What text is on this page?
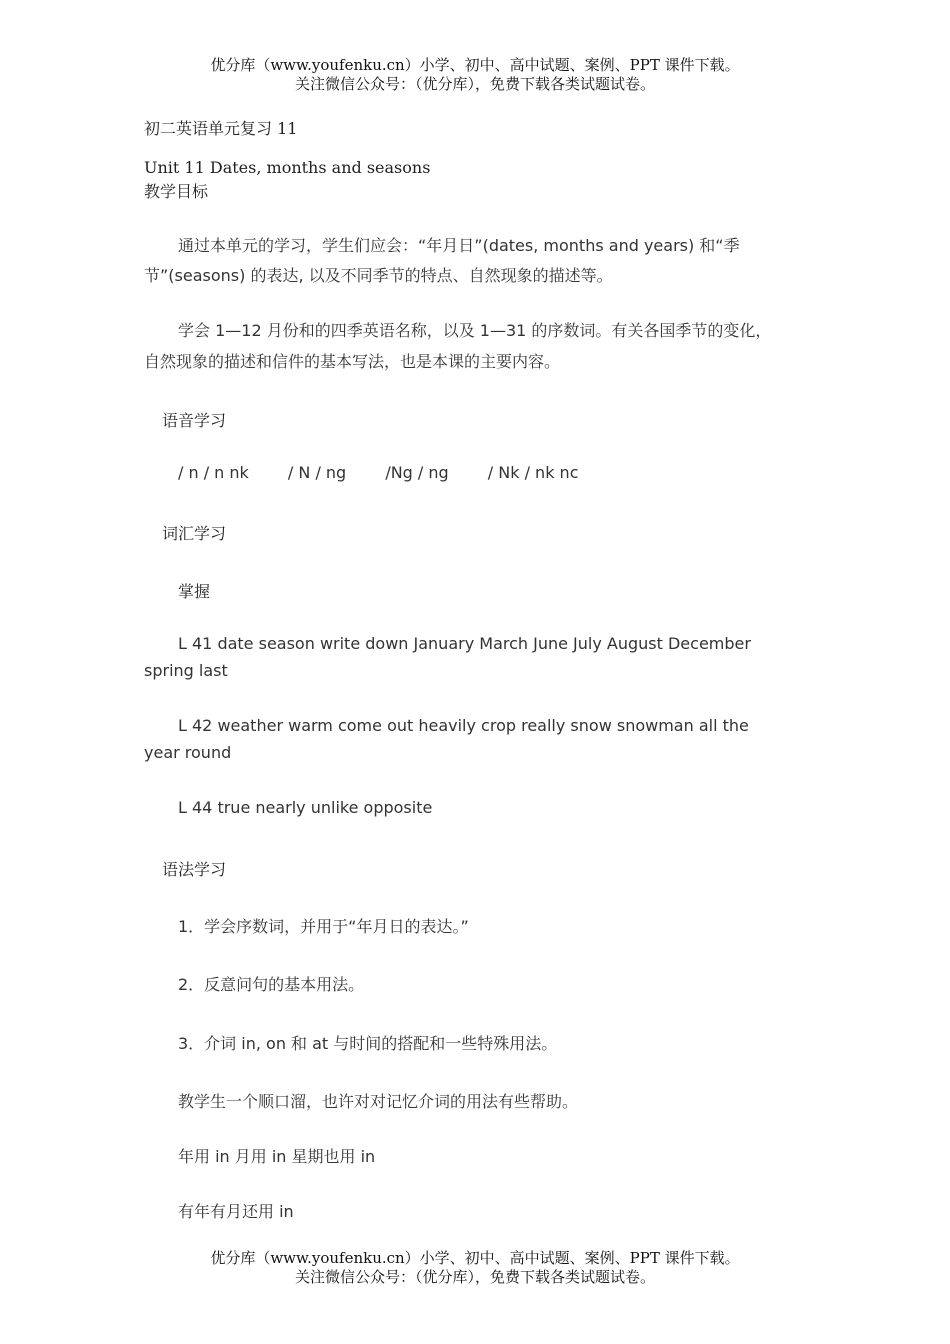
优分库（www.youfenku.cn）小学、初中、高中试题、案例、PPT 课件下载。
关注微信公众号：（优分库），免费下载各类试题试卷。
初二英语单元复习 11
Unit 11 Dates, months and seasons
教学目标
通过本单元的学习，学生们应会：“年月日”(dates, months and years) 和“季
节”(seasons) 的表达, 以及不同季节的特点、自然现象的描述等。
学会 1—12 月份和的四季英语名称，以及 1—31 的序数词。有关各国季节的变化，
自然现象的描述和信件的基本写法，也是本课的主要内容。
语音学习
/ n / n nk / N / ng /Ng / ng / Nk / nk nc
词汇学习
掌握
L 41 date season write down January March June July August December
spring last
L 42 weather warm come out heavily crop really snow snowman all the
year round
L 44 true nearly unlike opposite
语法学习
1．学会序数词，并用于“年月日的表达。”
2．反意问句的基本用法。
3．介词 in, on 和 at 与时间的搭配和一些特殊用法。
教学生一个顺口溜，也许对对记忆介词的用法有些帮助。
年用 in 月用 in 星期也用 in
有年有月还用 in
优分库（www.youfenku.cn）小学、初中、高中试题、案例、PPT 课件下载。
关注微信公众号：（优分库），免费下载各类试题试卷。
